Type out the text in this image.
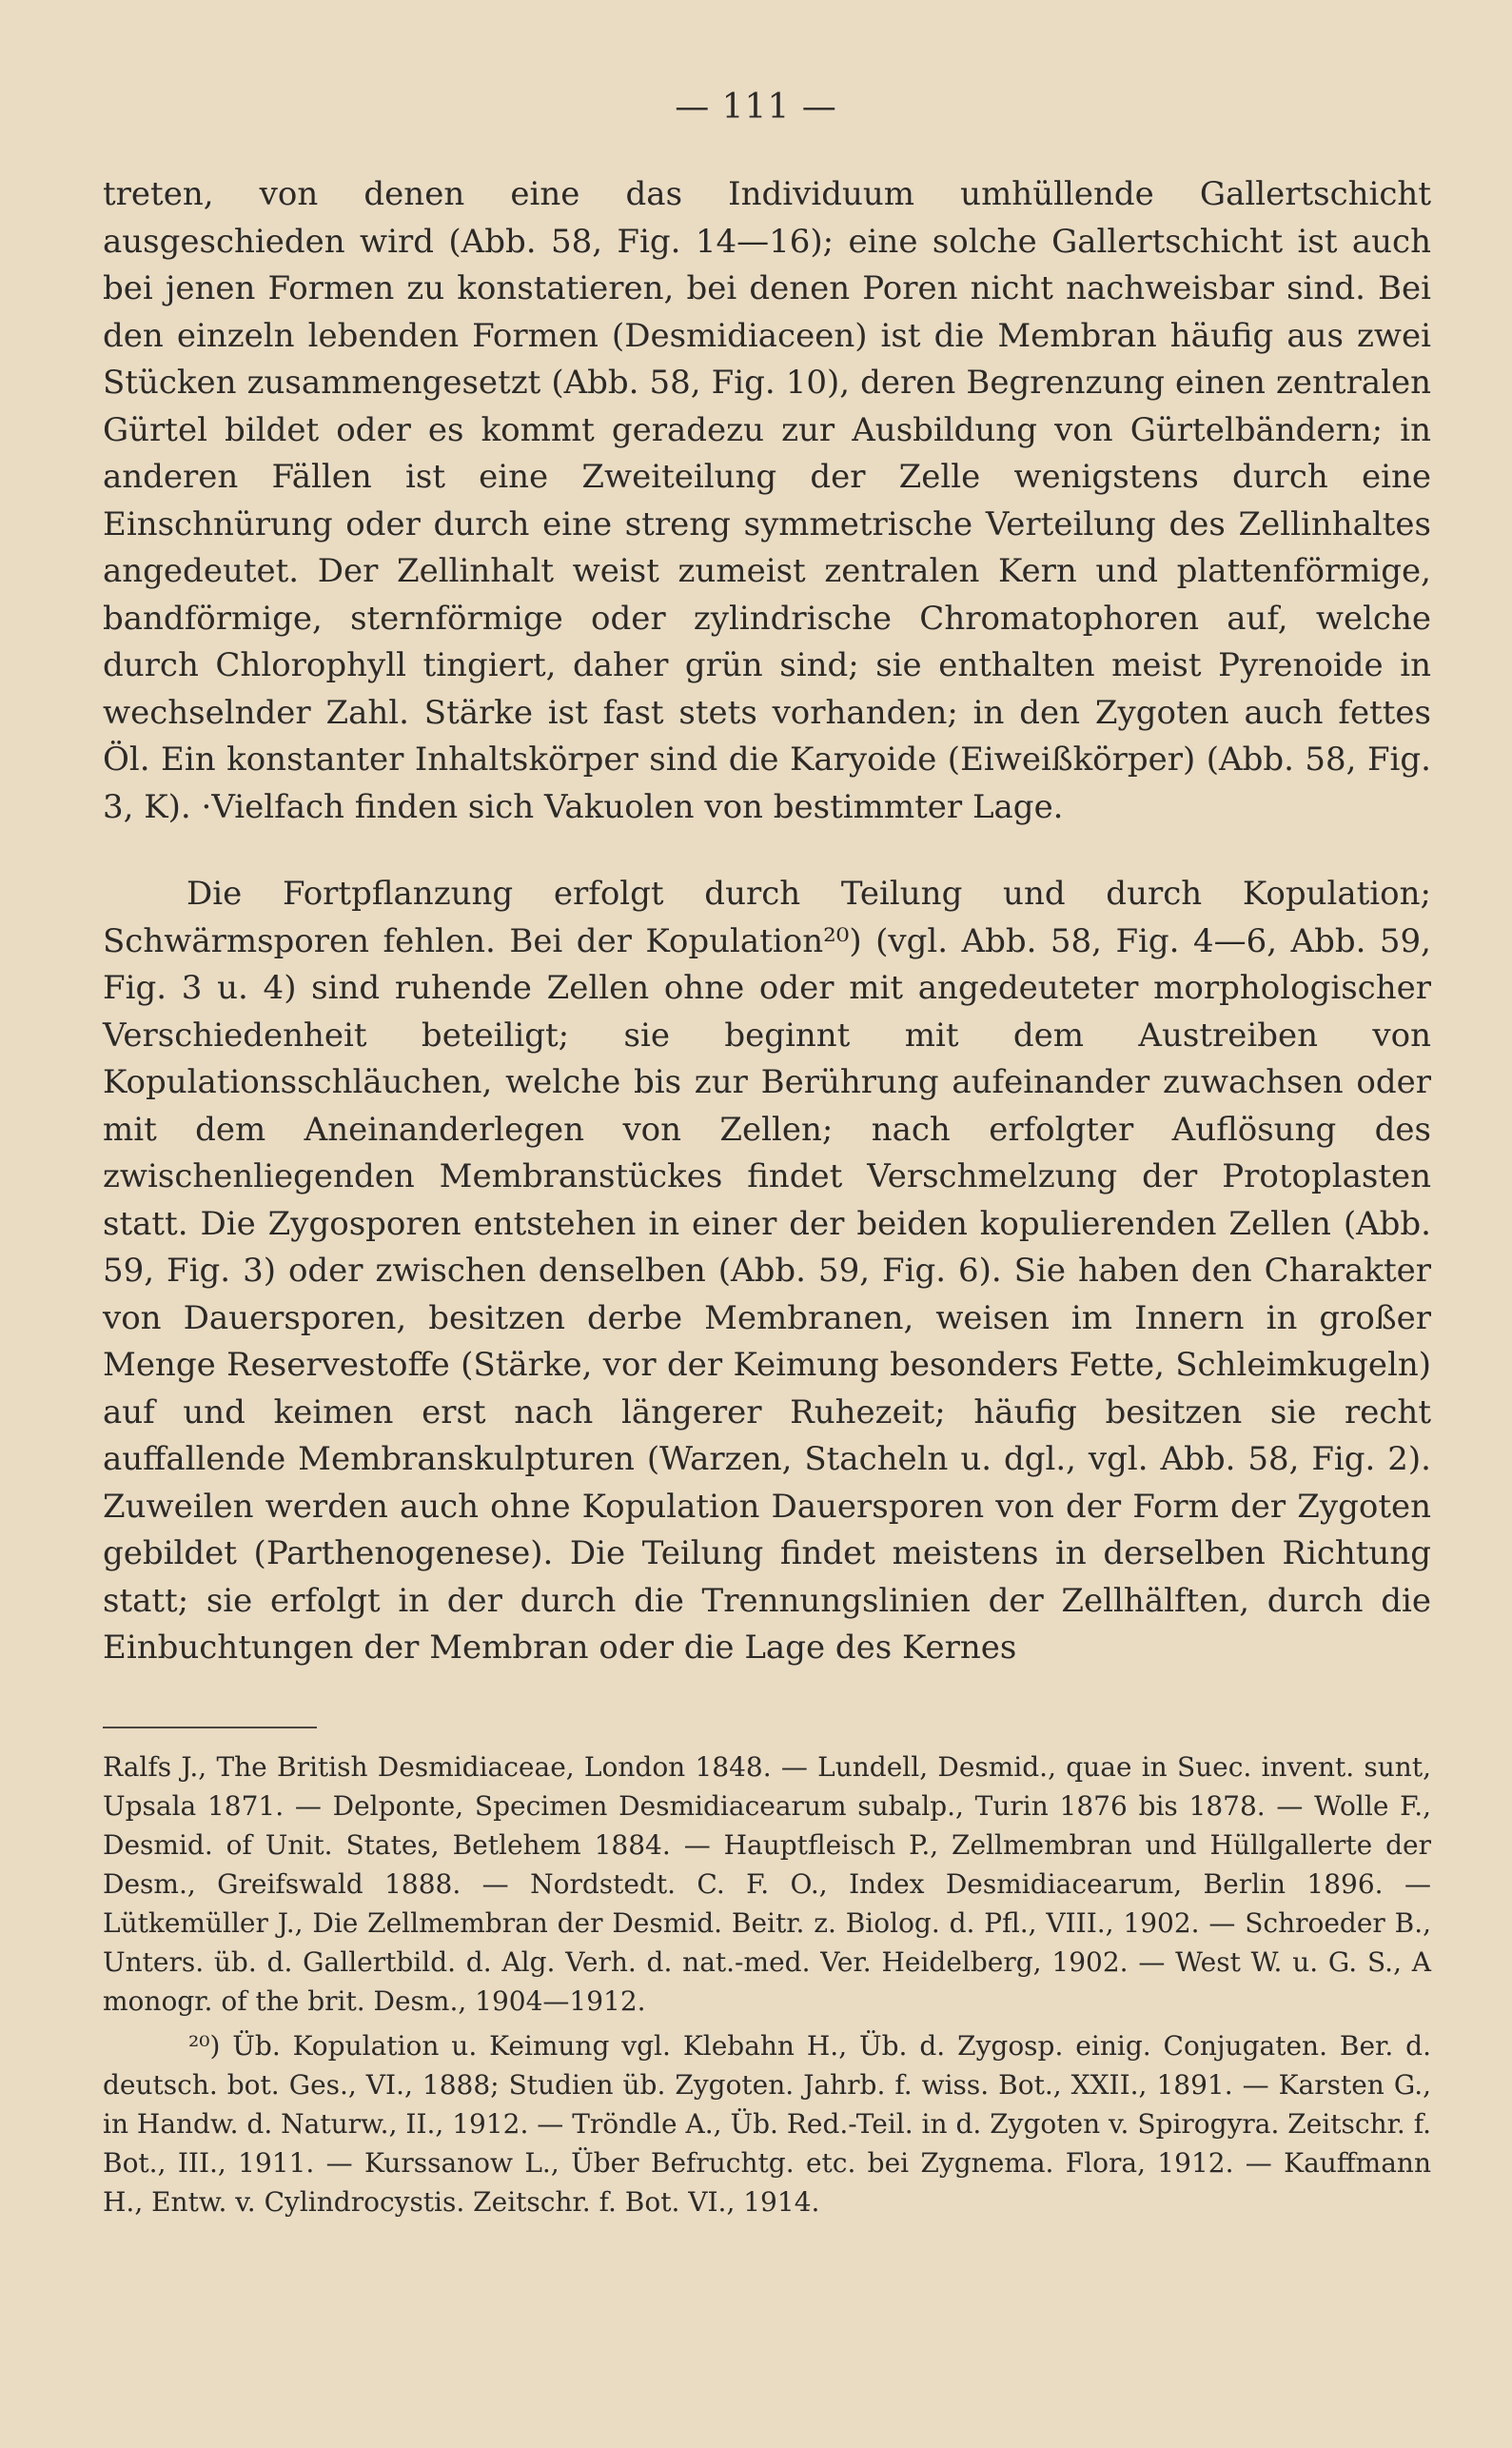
— 111 —

treten, von denen eine das Individuum umhüllende Gallertschicht ausgeschieden wird (Abb. 58, Fig. 14—16); eine solche Gallertschicht ist auch bei jenen Formen zu konstatieren, bei denen Poren nicht nachweisbar sind. Bei den einzeln lebenden Formen (Desmidiaceen) ist die Membran häufig aus zwei Stücken zusammengesetzt (Abb. 58, Fig. 10), deren Begrenzung einen zentralen Gürtel bildet oder es kommt geradezu zur Ausbildung von Gürtelbändern; in anderen Fällen ist eine Zweiteilung der Zelle wenigstens durch eine Einschnürung oder durch eine streng symmetrische Verteilung des Zellinhaltes angedeutet. Der Zellinhalt weist zumeist zentralen Kern und plattenförmige, bandförmige, sternförmige oder zylindrische Chromatophoren auf, welche durch Chlorophyll tingiert, daher grün sind; sie enthalten meist Pyrenoide in wechselnder Zahl. Stärke ist fast stets vorhanden; in den Zygoten auch fettes Öl. Ein konstanter Inhaltskörper sind die Karyoide (Eiweißkörper) (Abb. 58, Fig. 3, K). ·Vielfach finden sich Vakuolen von bestimmter Lage.

Die Fortpflanzung erfolgt durch Teilung und durch Kopulation; Schwärmsporen fehlen. Bei der Kopulation²⁰) (vgl. Abb. 58, Fig. 4—6, Abb. 59, Fig. 3 u. 4) sind ruhende Zellen ohne oder mit angedeuteter morphologischer Verschiedenheit beteiligt; sie beginnt mit dem Austreiben von Kopulationsschläuchen, welche bis zur Berührung aufeinander zuwachsen oder mit dem Aneinanderlegen von Zellen; nach erfolgter Auflösung des zwischenliegenden Membranstückes findet Verschmelzung der Protoplasten statt. Die Zygosporen entstehen in einer der beiden kopulierenden Zellen (Abb. 59, Fig. 3) oder zwischen denselben (Abb. 59, Fig. 6). Sie haben den Charakter von Dauersporen, besitzen derbe Membranen, weisen im Innern in großer Menge Reservestoffe (Stärke, vor der Keimung besonders Fette, Schleimkugeln) auf und keimen erst nach längerer Ruhezeit; häufig besitzen sie recht auffallende Membranskulpturen (Warzen, Stacheln u. dgl., vgl. Abb. 58, Fig. 2). Zuweilen werden auch ohne Kopulation Dauersporen von der Form der Zygoten gebildet (Parthenogenese). Die Teilung findet meistens in derselben Richtung statt; sie erfolgt in der durch die Trennungslinien der Zellhälften, durch die Einbuchtungen der Membran oder die Lage des Kernes

Ralfs J., The British Desmidiaceae, London 1848. — Lundell, Desmid., quae in Suec. invent. sunt, Upsala 1871. — Delponte, Specimen Desmidiacearum subalp., Turin 1876 bis 1878. — Wolle F., Desmid. of Unit. States, Betlehem 1884. — Hauptfleisch P., Zellmembran und Hüllgallerte der Desm., Greifswald 1888. — Nordstedt. C. F. O., Index Desmidiacearum, Berlin 1896. — Lütkemüller J., Die Zellmembran der Desmid. Beitr. z. Biolog. d. Pfl., VIII., 1902. — Schroeder B., Unters. üb. d. Gallertbild. d. Alg. Verh. d. nat.-med. Ver. Heidelberg, 1902. — West W. u. G. S., A monogr. of the brit. Desm., 1904—1912.

²⁰) Üb. Kopulation u. Keimung vgl. Klebahn H., Üb. d. Zygosp. einig. Conjugaten. Ber. d. deutsch. bot. Ges., VI., 1888; Studien üb. Zygoten. Jahrb. f. wiss. Bot., XXII., 1891. — Karsten G., in Handw. d. Naturw., II., 1912. — Tröndle A., Üb. Red.-Teil. in d. Zygoten v. Spirogyra. Zeitschr. f. Bot., III., 1911. — Kurssanow L., Über Befruchtg. etc. bei Zygnema. Flora, 1912. — Kauffmann H., Entw. v. Cylindrocystis. Zeitschr. f. Bot. VI., 1914.
